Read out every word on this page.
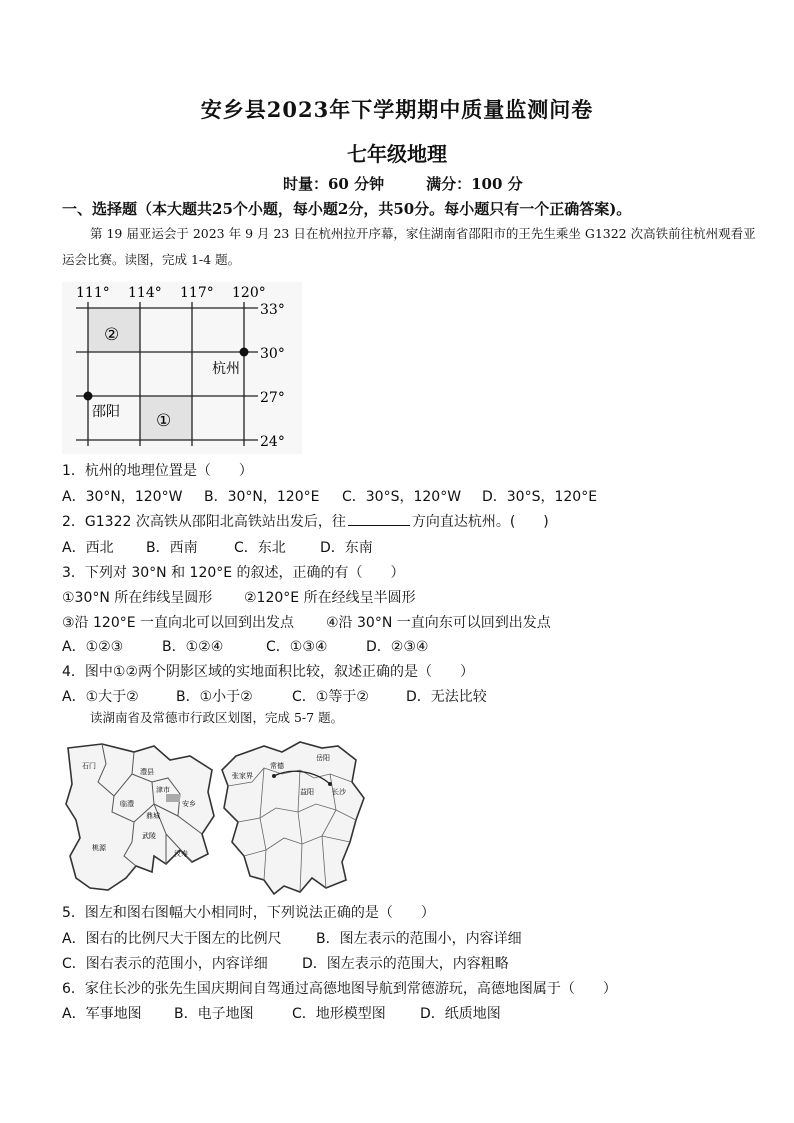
安乡县2023年下学期期中质量监测问卷
七年级地理
时量：60 分钟	满分：100 分
一、选择题（本大题共25个小题，每小题2分，共50分。每小题只有一个正确答案)。
第 19 届亚运会于 2023 年 9 月 23 日在杭州拉开序幕，家住湖南省邵阳市的王先生乘坐 G1322 次高铁前往杭州观看亚运会比赛。读图，完成 1-4 题。
111° 114° 117° 120°
33°
30°
27°
24°
杭州
邵阳
②
①
1．杭州的地理位置是（　　）
A．30°N，120°W B．30°N，120°E C．30°S，120°W D．30°S，120°E
2．G1322 次高铁从邵阳北高铁站出发后，往	方向直达杭州。(　　)
A．西北 B．西南	C．东北 D．东南
3．下列对 30°N 和 120°E 的叙述，正确的有（　　）
①30°N 所在纬线呈圆形 ②120°E 所在经线呈半圆形
③沿 120°E 一直向北可以回到出发点 ④沿 30°N 一直向东可以回到出发点
A．①②③	B．①②④	C．①③④	D．②③④
4．图中①②两个阴影区域的实地面积比较，叙述正确的是（　　）
A．①大于②	B．①小于②	C．①等于②	D．无法比较
读湖南省及常德市行政区划图，完成 5-7 题。
石门
临澧
津市
澧县
鼎城
安乡
桃源
汉寿
武陵
岳阳
常德
长沙
益阳
张家界
5．图左和图右图幅大小相同时，下列说法正确的是（　　）
A．图右的比例尺大于图左的比例尺 B．图左表示的范围小，内容详细
C．图右表示的范围小，内容详细 D．图左表示的范围大，内容粗略
6．家住长沙的张先生国庆期间自驾通过高德地图导航到常德游玩，高德地图属于（　　）
A．军事地图 B．电子地图	C．地形模型图 D．纸质地图
